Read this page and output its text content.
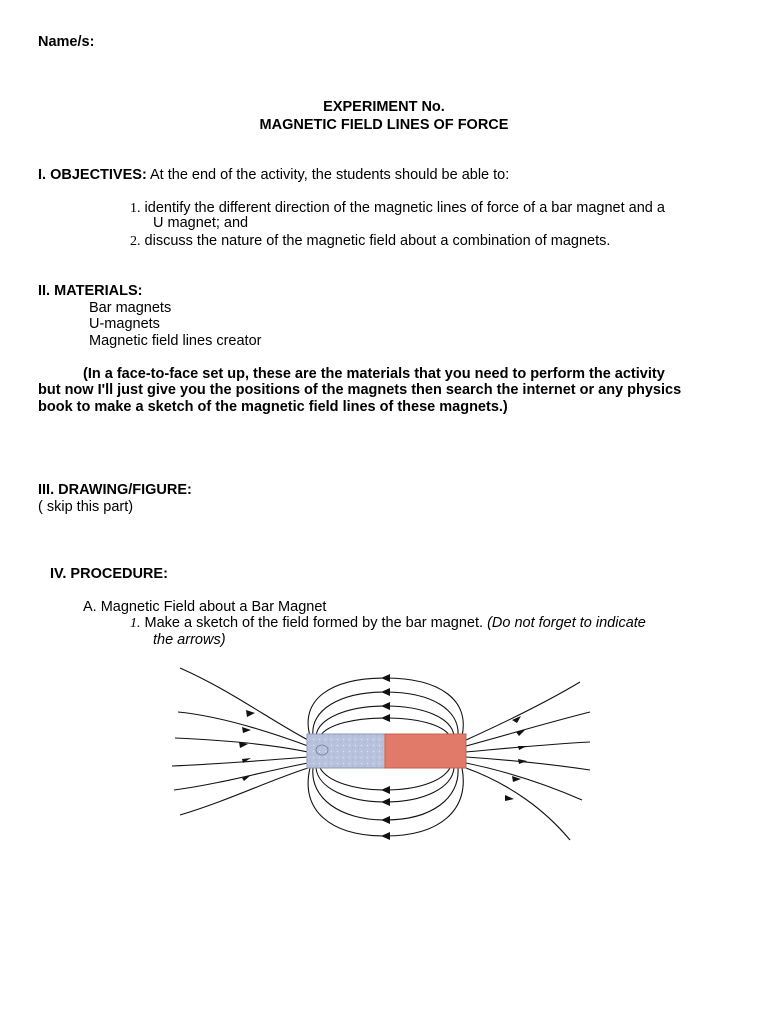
Name/s:
EXPERIMENT No.
MAGNETIC FIELD LINES OF FORCE
I. OBJECTIVES: At the end of the activity, the students should be able to:
1. identify the different direction of the magnetic lines of force of a bar magnet and a
U magnet; and
2. discuss the nature of the magnetic field about a combination of magnets.
II. MATERIALS:
Bar magnets
U-magnets
Magnetic field lines creator
(In a face-to-face set up, these are the materials that you need to perform the activity
but now I'll just give you the positions of the magnets then search the internet or any physics
book to make a sketch of the magnetic field lines of these magnets.)
III. DRAWING/FIGURE:
( skip this part)
IV. PROCEDURE:
A. Magnetic Field about a Bar Magnet
1. Make a sketch of the field formed by the bar magnet. (Do not forget to indicate
the arrows)
